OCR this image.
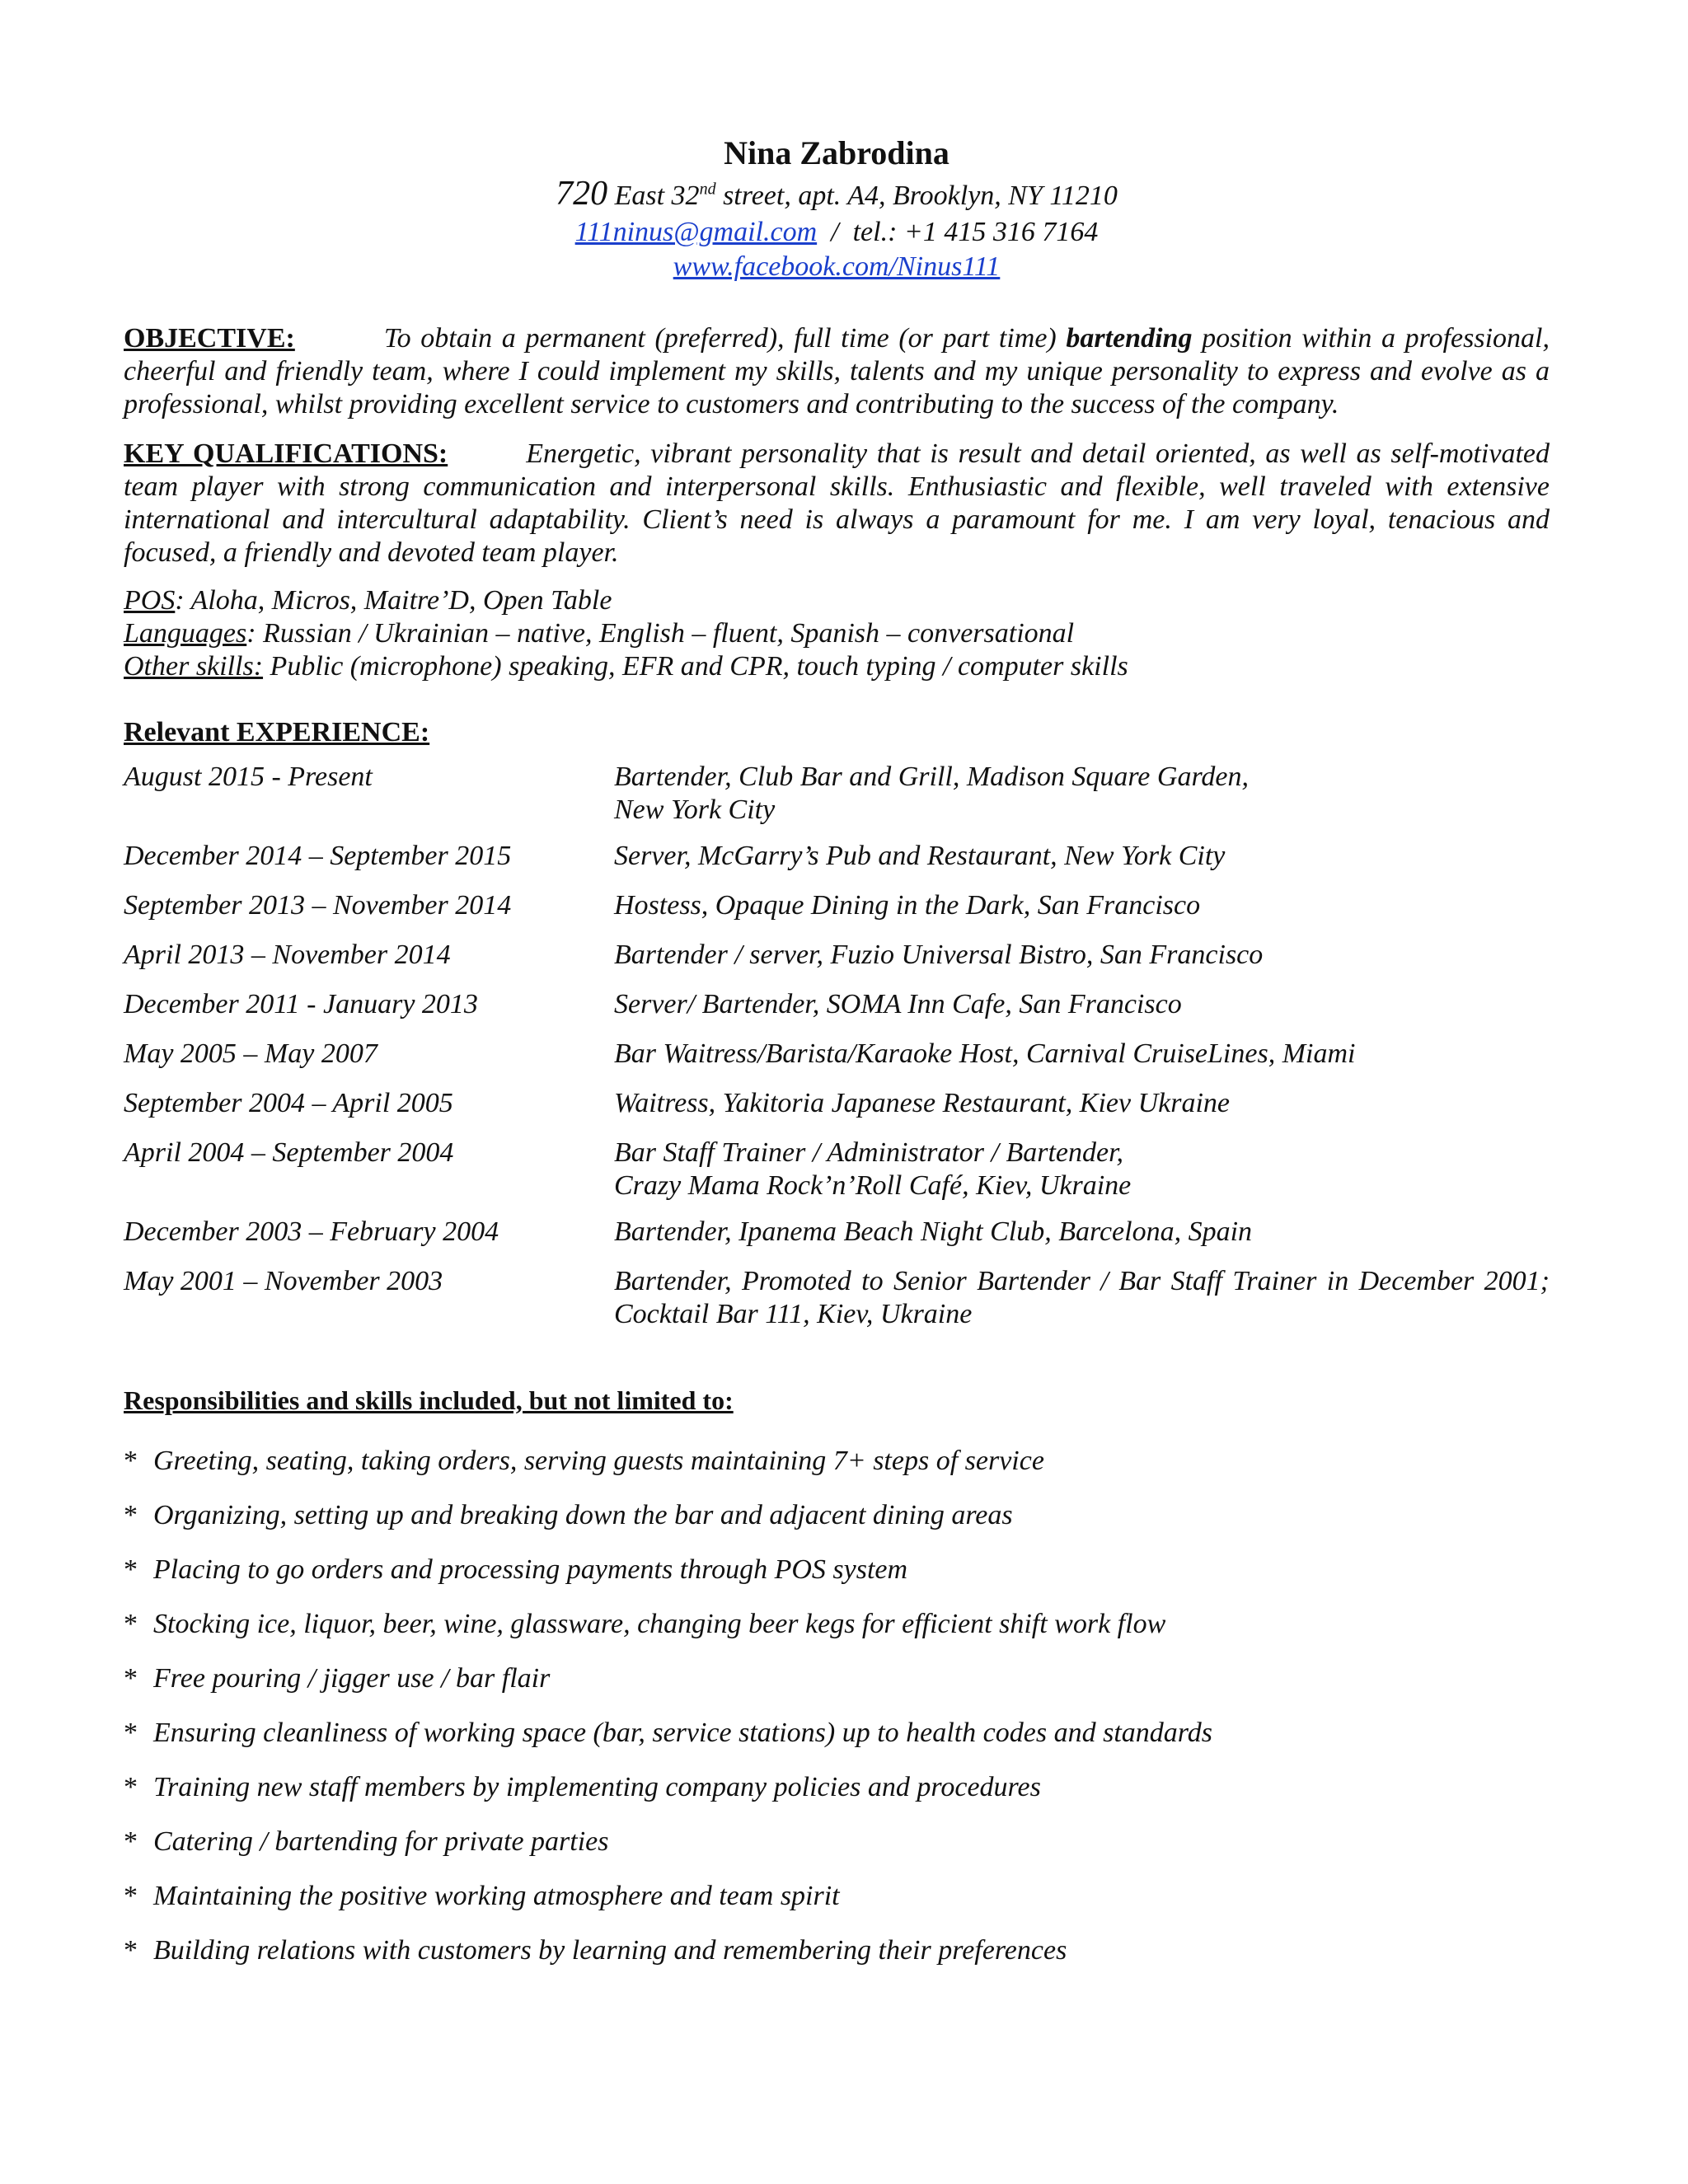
Nina Zabrodina
720 East 32nd street, apt. A4, Brooklyn, NY 11210
111ninus@gmail.com  /  tel.: +1 415 316 7164
www.facebook.com/Ninus111

OBJECTIVE:	To obtain a permanent (preferred), full time (or part time) bartending position within a professional, cheerful and friendly team, where I could implement my skills, talents and my unique personality to express and evolve as a professional, whilst providing excellent service to customers and contributing to the success of the company.

KEY QUALIFICATIONS:	Energetic, vibrant personality that is result and detail oriented, as well as self-motivated team player with strong communication and interpersonal skills. Enthusiastic and flexible, well traveled with extensive international and intercultural adaptability. Client’s need is always a paramount for me. I am very loyal, tenacious and focused, a friendly and devoted team player.

POS: Aloha, Micros, Maitre’D, Open Table
Languages: Russian / Ukrainian – native, English – fluent, Spanish – conversational
Other skills: Public (microphone) speaking, EFR and CPR, touch typing / computer skills
Relevant EXPERIENCE:
August 2015 - Present	Bartender, Club Bar and Grill, Madison Square Garden,
New York City
December 2014 – September 2015	Server, McGarry’s Pub and Restaurant, New York City
September 2013 – November 2014	Hostess, Opaque Dining in the Dark, San Francisco
April 2013 – November 2014	Bartender / server, Fuzio Universal Bistro, San Francisco
December 2011 - January 2013	Server/ Bartender, SOMA Inn Cafe, San Francisco
May 2005 – May 2007	Bar Waitress/Barista/Karaoke Host, Carnival CruiseLines, Miami
September 2004 – April 2005	Waitress, Yakitoria Japanese Restaurant, Kiev Ukraine
April 2004 – September 2004	Bar Staff Trainer / Administrator / Bartender,
Crazy Mama Rock’n’Roll Café, Kiev, Ukraine
December 2003 – February 2004	Bartender, Ipanema Beach Night Club, Barcelona, Spain
May 2001 – November 2003	Bartender, Promoted to Senior Bartender / Bar Staff Trainer in December 2001; Cocktail Bar 111, Kiev, Ukraine
Responsibilities and skills included, but not limited to:
* Greeting, seating, taking orders, serving guests maintaining 7+ steps of service
* Organizing, setting up and breaking down the bar and adjacent dining areas
* Placing to go orders and processing payments through POS system
* Stocking ice, liquor, beer, wine, glassware, changing beer kegs for efficient shift work flow
* Free pouring / jigger use / bar flair
* Ensuring cleanliness of working space (bar, service stations) up to health codes and standards
* Training new staff members by implementing company policies and procedures
* Catering / bartending for private parties
* Maintaining the positive working atmosphere and team spirit
* Building relations with customers by learning and remembering their preferences
